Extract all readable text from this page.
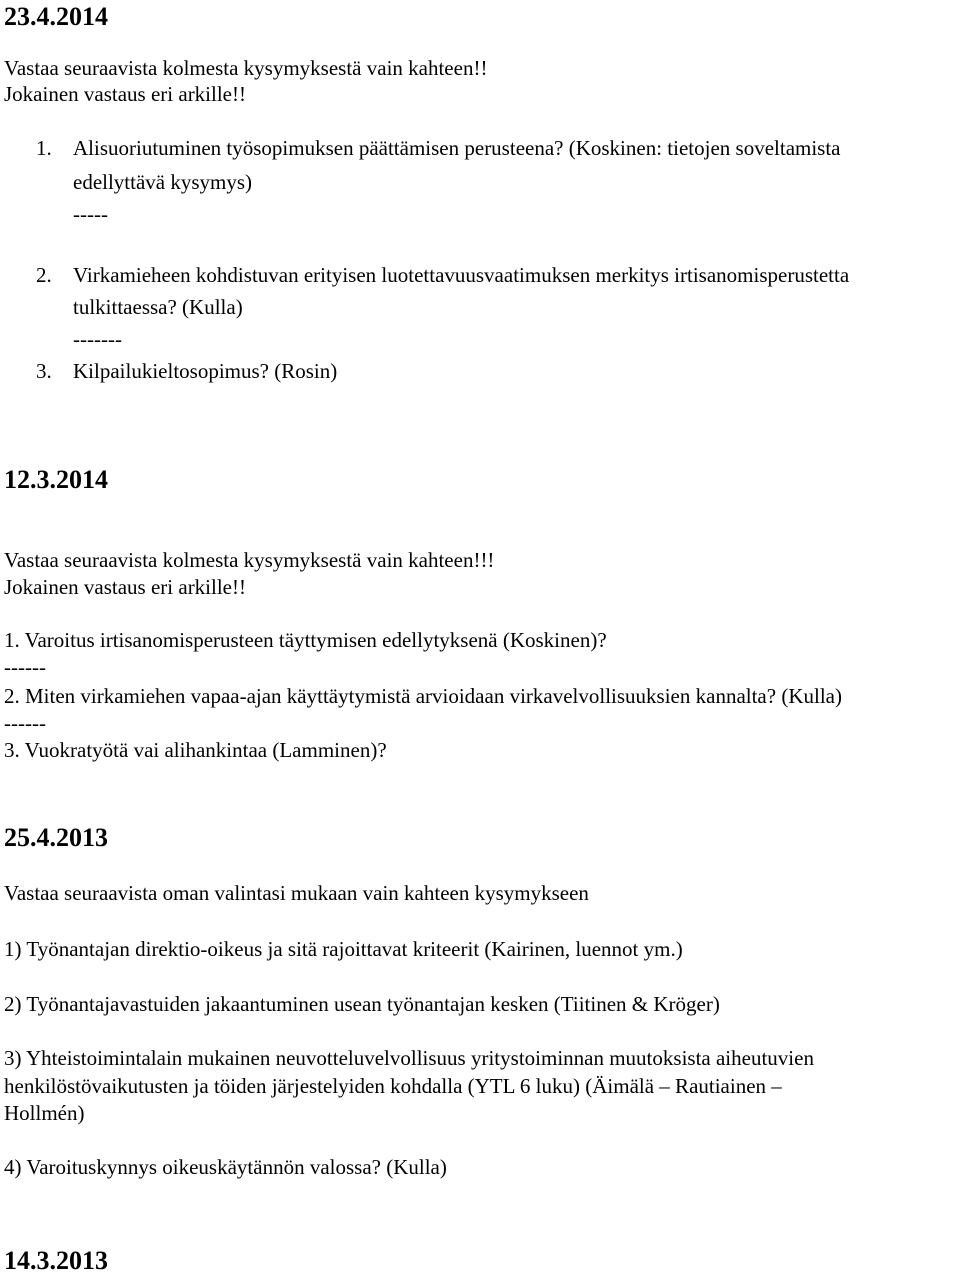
23.4.2014
Vastaa seuraavista kolmesta kysymyksestä vain kahteen!!
Jokainen vastaus eri arkille!!
1. Alisuoriutuminen työsopimuksen päättämisen perusteena? (Koskinen: tietojen soveltamista
edellyttävä kysymys)
-----
2. Virkamieheen kohdistuvan erityisen luotettavuusvaatimuksen merkitys irtisanomisperustetta
tulkittaessa? (Kulla)
-------
3. Kilpailukieltosopimus? (Rosin)
12.3.2014
Vastaa seuraavista kolmesta kysymyksestä vain kahteen!!!
Jokainen vastaus eri arkille!!
1. Varoitus irtisanomisperusteen täyttymisen edellytyksenä (Koskinen)?
------
2. Miten virkamiehen vapaa-ajan käyttäytymistä arvioidaan virkavelvollisuuksien kannalta? (Kulla)
------
3. Vuokratyötä vai alihankintaa (Lamminen)?
25.4.2013
Vastaa seuraavista oman valintasi mukaan vain kahteen kysymykseen
1) Työnantajan direktio-oikeus ja sitä rajoittavat kriteerit (Kairinen, luennot ym.)
2) Työnantajavastuiden jakaantuminen usean työnantajan kesken (Tiitinen & Kröger)
3) Yhteistoimintalain mukainen neuvotteluvelvollisuus yritystoiminnan muutoksista aiheutuvien
henkilöstövaikutusten ja töiden järjestelyiden kohdalla (YTL 6 luku) (Äimälä – Rautiainen –
Hollmén)
4) Varoituskynnys oikeuskäytännön valossa? (Kulla)
14.3.2013
